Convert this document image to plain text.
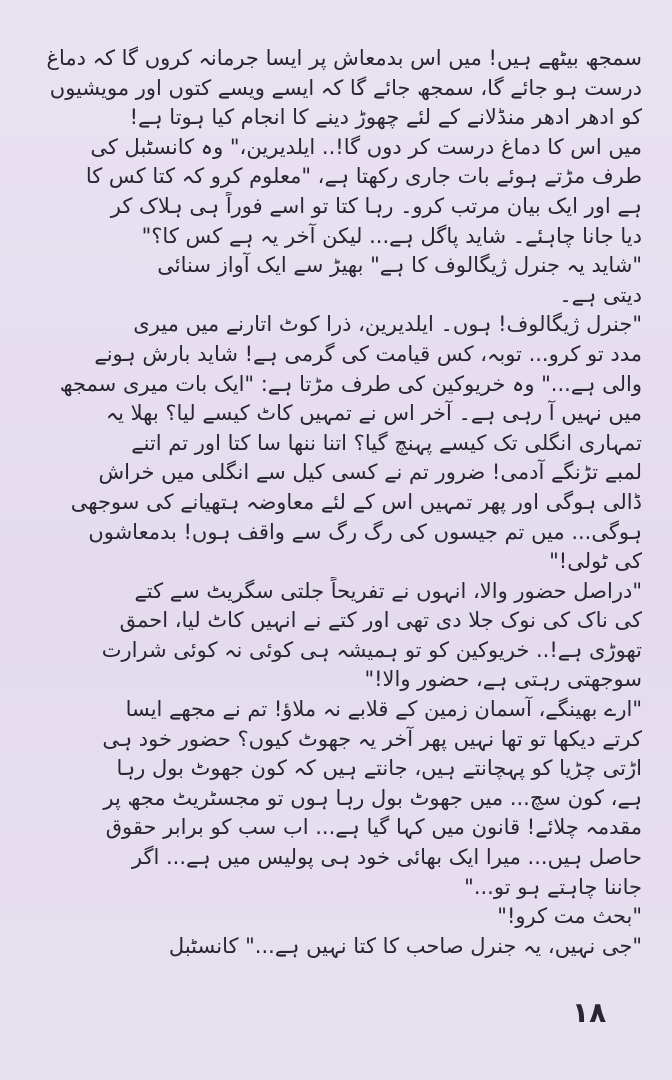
سمجھ بیٹھے ہیں! میں اس بدمعاش پر ایسا جرمانہ کروں گا کہ دماغ
درست ہو جائے گا، سمجھ جائے گا کہ ایسے ویسے کتوں اور مویشیوں
کو ادھر ادھر منڈلانے کے لئے چھوڑ دینے کا انجام کیا ہوتا ہے!
میں اس کا دماغ درست کر دوں گا!.. ایلدیرین،" وہ کانسٹبل کی
طرف مڑتے ہوئے بات جاری رکھتا ہے، "معلوم کرو کہ کتا کس کا
ہے اور ایک بیان مرتب کرو۔ رہا کتا تو اسے فوراً ہی ہلاک کر
دیا جانا چاہئے۔ شاید پاگل ہے... لیکن آخر یہ ہے کس کا؟"
"شاید یہ جنرل ژیگالوف کا ہے" بھیڑ سے ایک آواز سنائی
دیتی ہے۔
"جنرل ژیگالوف! ہوں۔ ایلدیرین، ذرا کوٹ اتارنے میں میری
مدد تو کرو... توبہ، کس قیامت کی گرمی ہے! شاید بارش ہونے
والی ہے..." وہ خریوکین کی طرف مڑتا ہے: "ایک بات میری سمجھ
میں نہیں آ رہی ہے۔ آخر اس نے تمہیں کاٹ کیسے لیا؟ بھلا یہ
تمہاری انگلی تک کیسے پہنچ گیا؟ اتنا ننھا سا کتا اور تم اتنے
لمبے تڑنگے آدمی! ضرور تم نے کسی کیل سے انگلی میں خراش
ڈالی ہوگی اور پھر تمہیں اس کے لئے معاوضہ ہتھیانے کی سوجھی
ہوگی... میں تم جیسوں کی رگ رگ سے واقف ہوں! بدمعاشوں
کی ٹولی!"
"دراصل حضور والا، انہوں نے تفریحاً جلتی سگریٹ سے کتے
کی ناک کی نوک جلا دی تھی اور کتے نے انہیں کاٹ لیا، احمق
تھوڑی ہے!.. خریوکین کو تو ہمیشہ ہی کوئی نہ کوئی شرارت
سوجھتی رہتی ہے، حضور والا!"
"ارے بھینگے، آسمان زمین کے قلابے نہ ملاؤ! تم نے مجھے ایسا
کرتے دیکھا تو تھا نہیں پھر آخر یہ جھوٹ کیوں؟ حضور خود ہی
اڑتی چڑیا کو پہچانتے ہیں، جانتے ہیں کہ کون جھوٹ بول رہا
ہے، کون سچ... میں جھوٹ بول رہا ہوں تو مجسٹریٹ مجھ پر
مقدمہ چلائے! قانون میں کہا گیا ہے... اب سب کو برابر حقوق
حاصل ہیں... میرا ایک بھائی خود ہی پولیس میں ہے... اگر
جاننا چاہتے ہو تو..."
"بحث مت کرو!"
"جی نہیں، یہ جنرل صاحب کا کتا نہیں ہے..." کانسٹبل
۱۸
